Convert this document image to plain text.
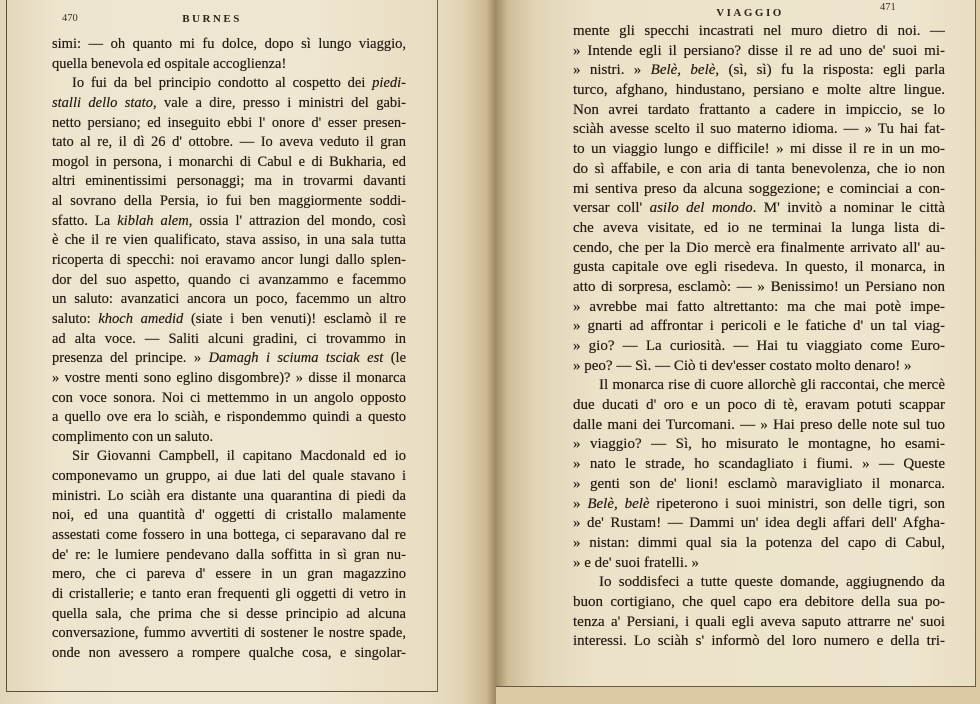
470	BURNES
simi: — oh quanto mi fu dolce, dopo sì lungo viaggio,
quella benevola ed ospitale accoglienza!
Io fui da bel principio condotto al cospetto dei piedi-
stalli dello stato, vale a dire, presso i ministri del gabi-
netto persiano; ed inseguito ebbi l' onore d' esser presen-
tato al re, il dì 26 d' ottobre. — Io aveva veduto il gran
mogol in persona, i monarchi di Cabul e di Bukharia, ed
altri eminentissimi personaggi; ma in trovarmi davanti
al sovrano della Persia, io fui ben maggiormente soddi-
sfatto. La kiblah alem, ossia l' attrazion del mondo, così
è che il re vien qualificato, stava assiso, in una sala tutta
ricoperta di specchi: noi eravamo ancor lungi dallo splen-
dor del suo aspetto, quando ci avanzammo e facemmo
un saluto: avanzatici ancora un poco, facemmo un altro
saluto: khoch amedid (siate i ben venuti)! esclamò il re
ad alta voce. — Saliti alcuni gradini, ci trovammo in
presenza del principe. » Damagh i sciuma tsciak est (le
» vostre menti sono eglino disgombre)? » disse il monarca
con voce sonora. Noi ci mettemmo in un angolo opposto
a quello ove era lo sciàh, e rispondemmo quindi a questo
complimento con un saluto.
Sir Giovanni Campbell, il capitano Macdonald ed io
componevamo un gruppo, ai due lati del quale stavano i
ministri. Lo sciàh era distante una quarantina di piedi da
noi, ed una quantità d' oggetti di cristallo malamente
assestati come fossero in una bottega, ci separavano dal re
de' re: le lumiere pendevano dalla soffitta in sì gran nu-
mero, che ci pareva d' essere in un gran magazzino
di cristallerie; e tanto eran frequenti gli oggetti di vetro in
quella sala, che prima che si desse principio ad alcuna
conversazione, fummo avvertiti di sostener le nostre spade,
onde non avessero a rompere qualche cosa, e singolar-
VIAGGIO	471
mente gli specchi incastrati nel muro dietro di noi. —
» Intende egli il persiano? disse il re ad uno de' suoi mi-
» nistri. » Belè, belè, (sì, sì) fu la risposta: egli parla
turco, afghano, hindustano, persiano e molte altre lingue.
Non avrei tardato frattanto a cadere in impiccio, se lo
sciàh avesse scelto il suo materno idioma. — » Tu hai fat-
to un viaggio lungo e difficile! » mi disse il re in un mo-
do sì affabile, e con aria di tanta benevolenza, che io non
mi sentiva preso da alcuna soggezione; e cominciai a con-
versar coll' asilo del mondo. M' invitò a nominar le città
che aveva visitate, ed io ne terminai la lunga lista di-
cendo, che per la Dio mercè era finalmente arrivato all' au-
gusta capitale ove egli risedeva. In questo, il monarca, in
atto di sorpresa, esclamò: — » Benissimo! un Persiano non
» avrebbe mai fatto altrettanto: ma che mai potè impe-
» gnarti ad affrontar i pericoli e le fatiche d' un tal viag-
» gio? — La curiosità. — Hai tu viaggiato come Euro-
» peo? — Sì. — Ciò ti dev'esser costato molto denaro! »
Il monarca rise di cuore allorchè gli raccontai, che mercè
due ducati d' oro e un poco di tè, eravam potuti scappar
dalle mani dei Turcomani. — » Hai preso delle note sul tuo
» viaggio? — Sì, ho misurato le montagne, ho esami-
» nato le strade, ho scandagliato i fiumi. » — Queste
» genti son de' lioni! esclamò maravigliato il monarca.
» Belè, belè ripeterono i suoi ministri, son delle tigri, son
» de' Rustam! — Dammi un' idea degli affari dell' Afgha-
» nistan: dimmi qual sia la potenza del capo di Cabul,
» e de' suoi fratelli. »
Io soddisfeci a tutte queste domande, aggiugnendo da
buon cortigiano, che quel capo era debitore della sua po-
tenza a' Persiani, i quali egli aveva saputo attrarre ne' suoi
interessi. Lo sciàh s' informò del loro numero e della tri-
